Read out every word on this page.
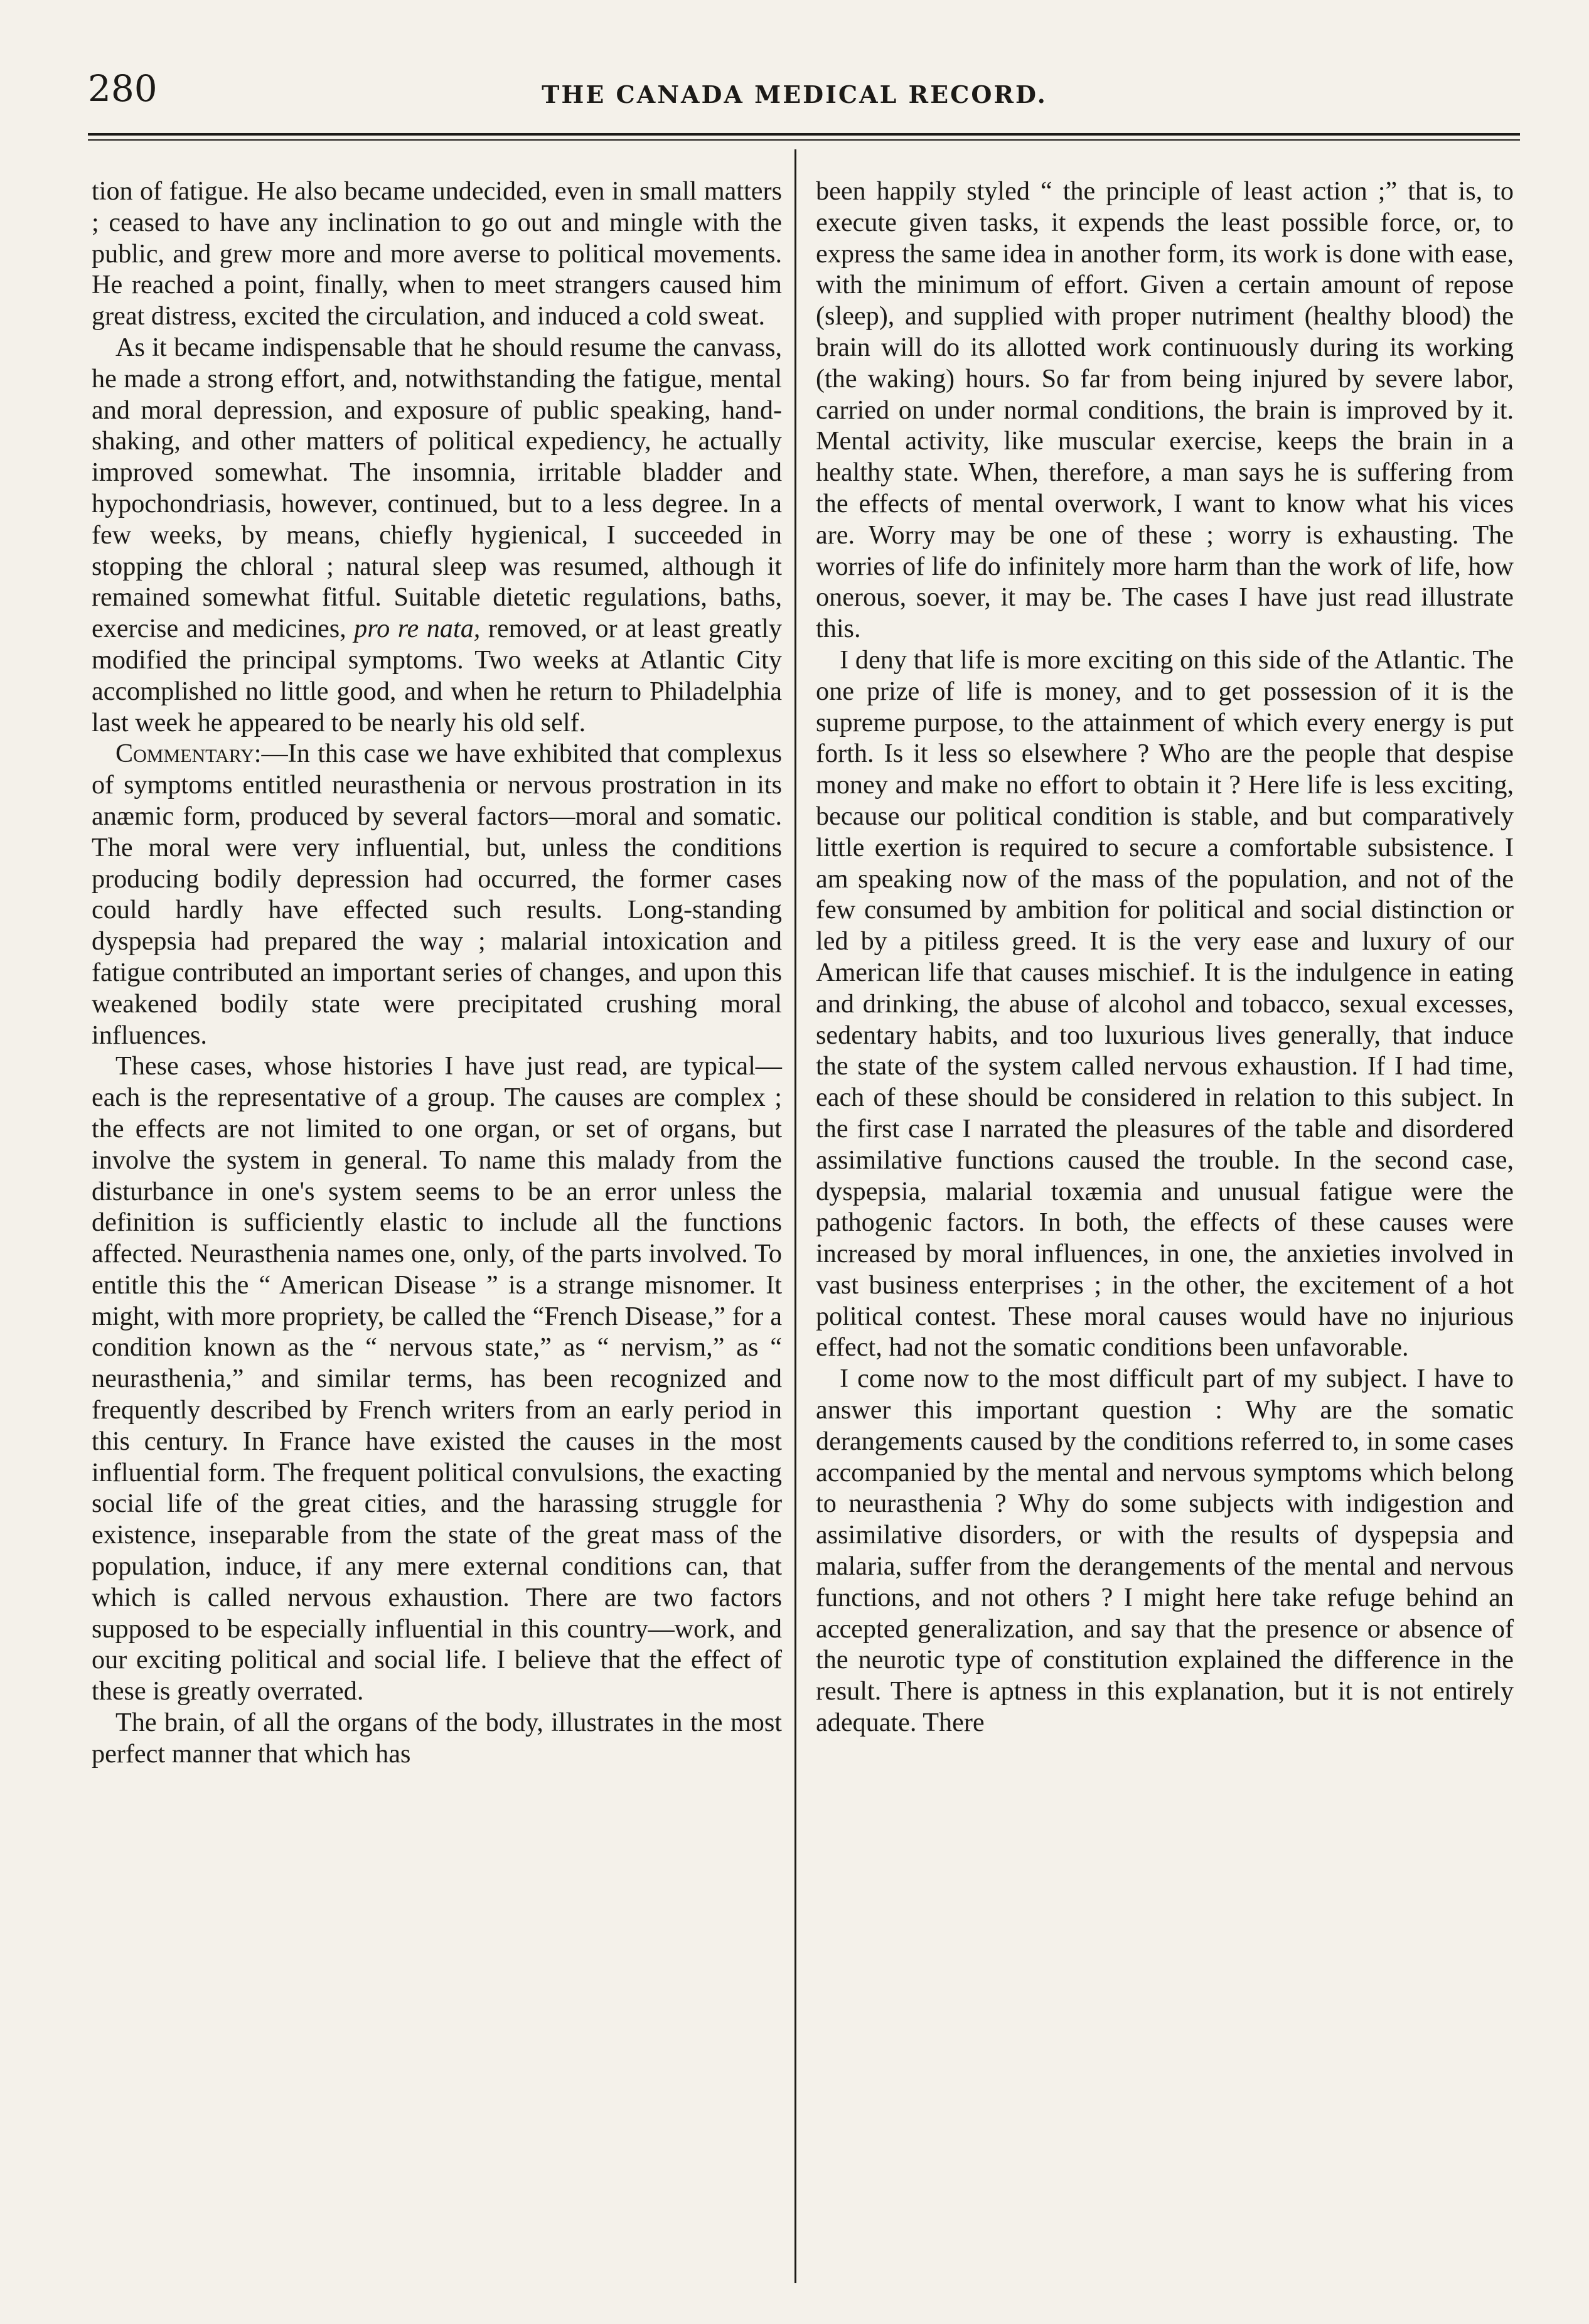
280	THE CANADA MEDICAL RECORD.

tion of fatigue. He also became undecided, even in small matters ; ceased to have any inclination to go out and mingle with the public, and grew more and more averse to political movements. He reached a point, finally, when to meet strangers caused him great distress, excited the circulation, and induced a cold sweat.

As it became indispensable that he should resume the canvass, he made a strong effort, and, notwithstanding the fatigue, mental and moral depression, and exposure of public speaking, hand-shaking, and other matters of political expediency, he actually improved somewhat. The insomnia, irritable bladder and hypochondriasis, however, continued, but to a less degree. In a few weeks, by means, chiefly hygienical, I succeeded in stopping the chloral ; natural sleep was resumed, although it remained somewhat fitful. Suitable dietetic regulations, baths, exercise and medicines, pro re nata, removed, or at least greatly modified the principal symptoms. Two weeks at Atlantic City accomplished no little good, and when he return to Philadelphia last week he appeared to be nearly his old self.

Commentary:—In this case we have exhibited that complexus of symptoms entitled neurasthenia or nervous prostration in its anæmic form, produced by several factors—moral and somatic. The moral were very influential, but, unless the conditions producing bodily depression had occurred, the former cases could hardly have effected such results. Long-standing dyspepsia had prepared the way ; malarial intoxication and fatigue contributed an important series of changes, and upon this weakened bodily state were precipitated crushing moral influences.

These cases, whose histories I have just read, are typical—each is the representative of a group. The causes are complex ; the effects are not limited to one organ, or set of organs, but involve the system in general. To name this malady from the disturbance in one's system seems to be an error unless the definition is sufficiently elastic to include all the functions affected. Neurasthenia names one, only, of the parts involved. To entitle this the “ American Disease ” is a strange misnomer. It might, with more propriety, be called the “French Disease,” for a condition known as the “ nervous state,” as “ nervism,” as “ neurasthenia,” and similar terms, has been recognized and frequently described by French writers from an early period in this century. In France have existed the causes in the most influential form. The frequent political convulsions, the exacting social life of the great cities, and the harassing struggle for existence, inseparable from the state of the great mass of the population, induce, if any mere external conditions can, that which is called nervous exhaustion. There are two factors supposed to be especially influential in this country—work, and our exciting political and social life. I believe that the effect of these is greatly overrated.

The brain, of all the organs of the body, illustrates in the most perfect manner that which has

been happily styled “ the principle of least action ;” that is, to execute given tasks, it expends the least possible force, or, to express the same idea in another form, its work is done with ease, with the minimum of effort. Given a certain amount of repose (sleep), and supplied with proper nutriment (healthy blood) the brain will do its allotted work continuously during its working (the waking) hours. So far from being injured by severe labor, carried on under normal conditions, the brain is improved by it. Mental activity, like muscular exercise, keeps the brain in a healthy state. When, therefore, a man says he is suffering from the effects of mental overwork, I want to know what his vices are. Worry may be one of these ; worry is exhausting. The worries of life do infinitely more harm than the work of life, how onerous, soever, it may be. The cases I have just read illustrate this.

I deny that life is more exciting on this side of the Atlantic. The one prize of life is money, and to get possession of it is the supreme purpose, to the attainment of which every energy is put forth. Is it less so elsewhere ? Who are the people that despise money and make no effort to obtain it ? Here life is less exciting, because our political condition is stable, and but comparatively little exertion is required to secure a comfortable subsistence. I am speaking now of the mass of the population, and not of the few consumed by ambition for political and social distinction or led by a pitiless greed. It is the very ease and luxury of our American life that causes mischief. It is the indulgence in eating and drinking, the abuse of alcohol and tobacco, sexual excesses, sedentary habits, and too luxurious lives generally, that induce the state of the system called nervous exhaustion. If I had time, each of these should be considered in relation to this subject. In the first case I narrated the pleasures of the table and disordered assimilative functions caused the trouble. In the second case, dyspepsia, malarial toxæmia and unusual fatigue were the pathogenic factors. In both, the effects of these causes were increased by moral influences, in one, the anxieties involved in vast business enterprises ; in the other, the excitement of a hot political contest. These moral causes would have no injurious effect, had not the somatic conditions been unfavorable.

I come now to the most difficult part of my subject. I have to answer this important question : Why are the somatic derangements caused by the conditions referred to, in some cases accompanied by the mental and nervous symptoms which belong to neurasthenia ? Why do some subjects with indigestion and assimilative disorders, or with the results of dyspepsia and malaria, suffer from the derangements of the mental and nervous functions, and not others ? I might here take refuge behind an accepted generalization, and say that the presence or absence of the neurotic type of constitution explained the difference in the result. There is aptness in this explanation, but it is not entirely adequate. There
